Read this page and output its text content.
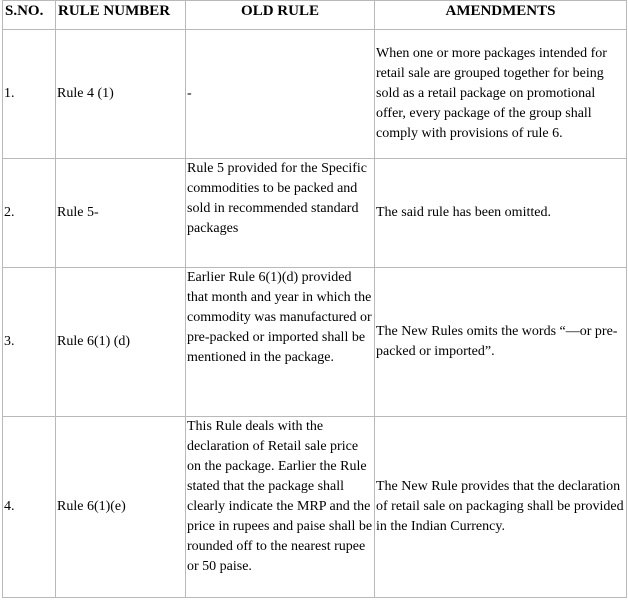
S.NO.	RULE NUMBER	OLD RULE	AMENDMENTS
1.	Rule 4 (1)	-	When one or more packages intended for retail sale are grouped together for being sold as a retail package on promotional offer, every package of the group shall comply with provisions of rule 6.
2.	Rule 5-	Rule 5 provided for the Specific commodities to be packed and sold in recommended standard packages	The said rule has been omitted.
3.	Rule 6(1) (d)	Earlier Rule 6(1)(d) provided that month and year in which the commodity was manufactured or pre-packed or imported shall be mentioned in the package.	The New Rules omits the words “—or pre-packed or imported”.
4.	Rule 6(1)(e)	This Rule deals with the declaration of Retail sale price on the package. Earlier the Rule stated that the package shall clearly indicate the MRP and the price in rupees and paise shall be rounded off to the nearest rupee or 50 paise.	The New Rule provides that the declaration of retail sale on packaging shall be provided in the Indian Currency.
